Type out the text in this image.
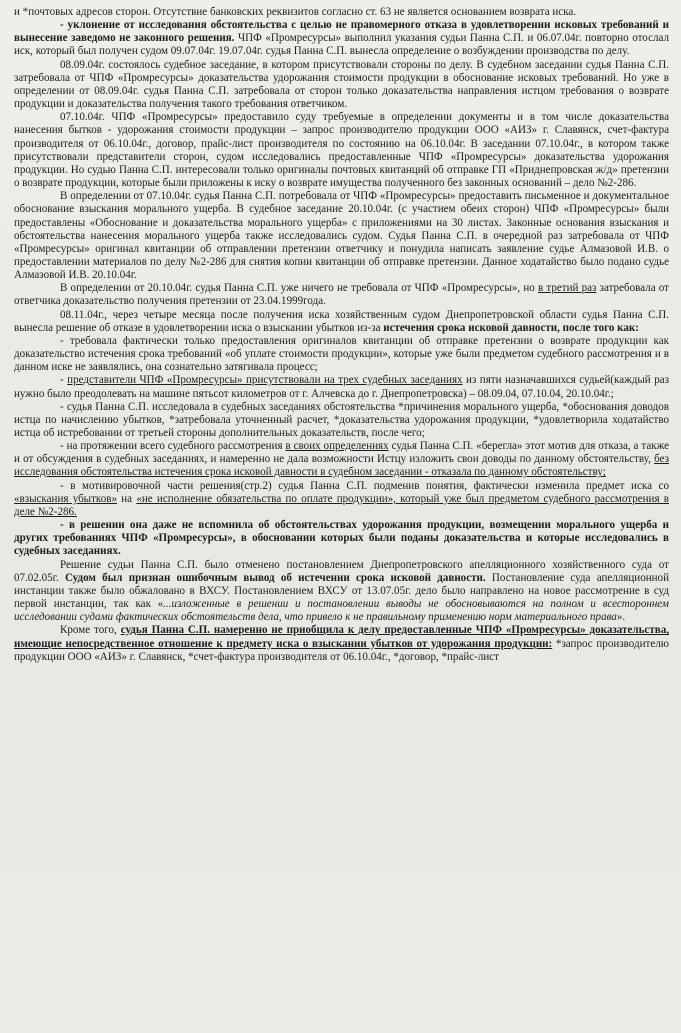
и *почтовых адресов сторон. Отсутствие банковских реквизитов согласно ст. 63 не является основанием возврата иска.

- уклонение от исследования обстоятельства с целью не правомерного отказа в удовлетворении исковых требований и вынесение заведомо не законного решения. ЧПФ «Промресурсы» выполнил указания судьи Панна С.П. и 06.07.04г. повторно отослал иск, который был получен судом 09.07.04г. 19.07.04г. судья Панна С.П. вынесла определение о возбуждении производства по делу.

08.09.04г. состоялось судебное заседание, в котором присутствовали стороны по делу. В судебном заседании судья Панна С.П. затребовала от ЧПФ «Промресурсы» доказательства удорожания стоимости продукции в обоснование исковых требований. Но уже в определении от 08.09.04г. судья Панна С.П. затребовала от сторон только доказательства направления истцом требования о возврате продукции и доказательства получения такого требования ответчиком.

07.10.04г. ЧПФ «Промресурсы» предоставило суду требуемые в определении документы и в том числе доказательства нанесения бытков - удорожания стоимости продукции – запрос производителю продукции ООО «АИЗ» г. Славянск, счет-фактура производителя от 06.10.04г., договор, прайс-лист производителя по состоянию на 06.10.04г. В заседании 07.10.04г., в котором также присутствовали представители сторон, судом исследовались предоставленные ЧПФ «Промресурсы» доказательства удорожания продукции. Но судью Панна С.П. интересовали только оригиналы почтовых квитанций об отправке ГП «Приднепровская ж/д» претензии о возврате продукции, которые были приложены к иску о возврате имущества полученного без законных оснований – дело №2-286.

В определении от 07.10.04г. судья Панна С.П. потребовала от ЧПФ «Промресурсы» предоставить письменное и документальное обоснование взыскания морального ущерба. В судебное заседание 20.10.04г. (с участием обеих сторон) ЧПФ «Промресурсы» были предоставлены «Обоснование и доказательства морального ущерба» с приложениями на 30 листах. Законные основания взыскания и обстоятельства нанесения морального ущерба также исследовались судом. Судья Панна С.П. в очередной раз затребовала от ЧПФ «Промресурсы» оригинал квитанции об отправлении претензии ответчику и понудила написать заявление судье Алмазовой И.В. о предоставлении материалов по делу №2-286 для снятия копии квитанции об отправке претензии. Данное ходатайство было подано судье Алмазовой И.В. 20.10.04г.

В определении от 20.10.04г. судья Панна С.П. уже ничего не требовала от ЧПФ «Промресурсы», но в третий раз затребовала от ответчика доказательство получения претензии от 23.04.1999года.

08.11.04г., через четыре месяца после получения иска хозяйственным судом Днепропетровской области судья Панна С.П. вынесла решение об отказе в удовлетворении иска о взыскании убытков из-за истечения срока исковой давности, после того как:

- требовала фактически только предоставления оригиналов квитанции об отправке претензии о возврате продукции как доказательство истечения срока требований «об уплате стоимости продукции», которые уже были предметом судебного рассмотрения и в данном иске не заявлялись, она сознательно затягивала процесс;

- представители ЧПФ «Промресурсы» присутствовали на трех судебных заседаниях из пяти назначавшихся судьей(каждый раз нужно было преодолевать на машине пятьсот километров от г. Алчевска до г. Днепропетровска) – 08.09.04, 07.10.04, 20.10.04г.;

- судья Панна С.П. исследовала в судебных заседаниях обстоятельства *причинения морального ущерба, *обоснования доводов истца по начислению убытков, *затребовала уточненный расчет, *доказательства удорожания продукции, *удовлетворила ходатайство истца об истребовании от третьей стороны дополнительных доказательств, после чего;

- на протяжении всего судебного рассмотрения в своих определениях судья Панна С.П. «берегла» этот мотив для отказа, а также и от обсуждения в судебных заседаниях, и намеренно не дала возможности Истцу изложить свои доводы по данному обстоятельству, без исследования обстоятельства истечения срока исковой давности в судебном заседании - отказала по данному обстоятельству;

- в мотивировочной части решения(стр.2) судья Панна С.П. подменив понятия, фактически изменила предмет иска со «взыскания убытков» на «не исполнение обязательства по оплате продукции», который уже был предметом судебного рассмотрения в деле №2-286.

- в решении она даже не вспомнила об обстоятельствах удорожания продукции, возмещении морального ущерба и других требованиях ЧПФ «Промресурсы», в обосновании которых были поданы доказательства и которые исследовались в судебных заседаниях.

Решение судьи Панна С.П. было отменено постановлением Днепропетровского апелляционного хозяйственного суда от 07.02.05г. Судом был признан ошибочным вывод об истечении срока исковой давности. Постановление суда апелляционной инстанции также было обжаловано в ВХСУ. Постановлением ВХСУ от 13.07.05г. дело было направлено на новое рассмотрение в суд первой инстанции, так как «...изложенные в решении и постановлении выводы не обосновываются на полном и всестороннем исследовании судами фактических обстоятельств дела, что привело к не правильному применению норм материального права».

Кроме того, судья Панна С.П. намеренно не приобщила к делу предоставленные ЧПФ «Промресурсы» доказательства, имеющие непосредственное отношение к предмету иска о взыскании убытков от удорожания продукции: *запрос производителю продукции ООО «АИЗ» г. Славянск, *счет-фактура производителя от 06.10.04г., *договор, *прайс-лист
